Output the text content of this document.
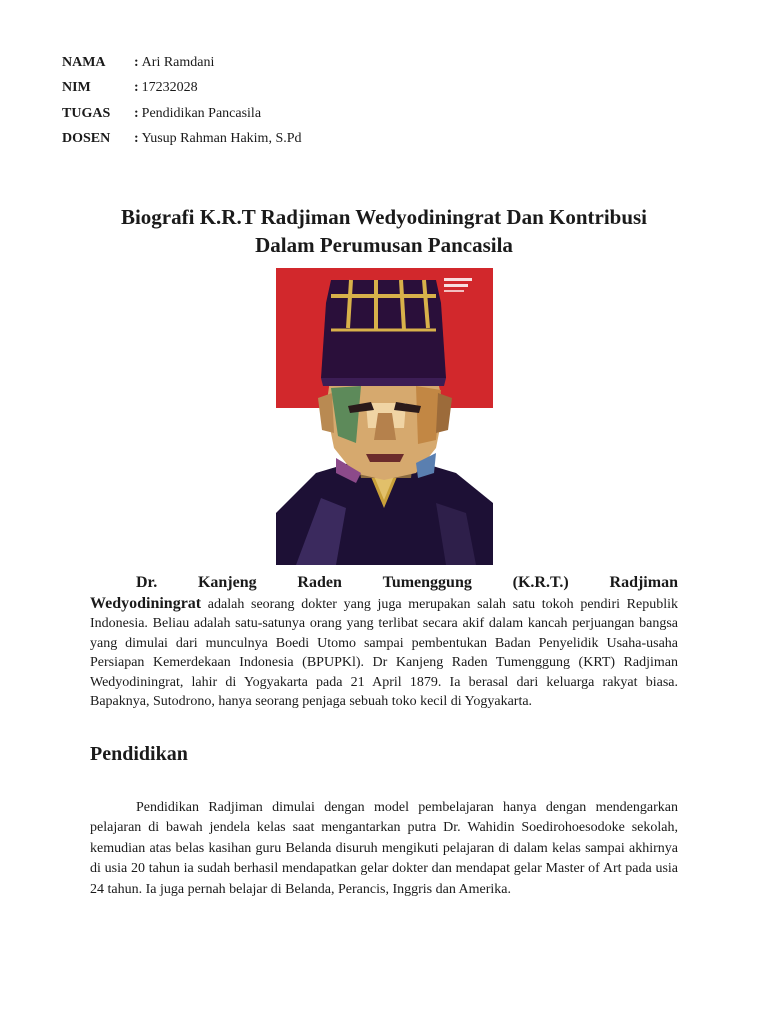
NAMA	: Ari Ramdani
NIM	: 17232028
TUGAS	: Pendidikan Pancasila
DOSEN	: Yusup Rahman Hakim, S.Pd
Biografi K.R.T Radjiman Wedyodiningrat Dan Kontribusi
Dalam Perumusan Pancasila
Dr.	Kanjeng	Raden	Tumenggung	(K.R.T.)	Radjiman
Wedyodiningrat adalah seorang dokter yang juga merupakan salah satu tokoh pendiri Republik Indonesia. Beliau adalah satu-satunya orang yang terlibat secara akif dalam kancah perjuangan bangsa yang dimulai dari munculnya Boedi Utomo sampai pembentukan Badan Penyelidik Usaha-usaha Persiapan Kemerdekaan Indonesia (BPUPKl). Dr Kanjeng Raden Tumenggung (KRT) Radjiman Wedyodiningrat, lahir di Yogyakarta pada 21 April 1879. Ia berasal dari keluarga rakyat biasa. Bapaknya, Sutodrono, hanya seorang penjaga sebuah toko kecil di Yogyakarta.
Pendidikan
Pendidikan Radjiman dimulai dengan model pembelajaran hanya dengan mendengarkan pelajaran di bawah jendela kelas saat mengantarkan putra Dr. Wahidin Soedirohoesodoke sekolah, kemudian atas belas kasihan guru Belanda disuruh mengikuti pelajaran di dalam kelas sampai akhirnya di usia 20 tahun ia sudah berhasil mendapatkan gelar dokter dan mendapat gelar Master of Art pada usia 24 tahun. Ia juga pernah belajar di Belanda, Perancis, Inggris dan Amerika.
